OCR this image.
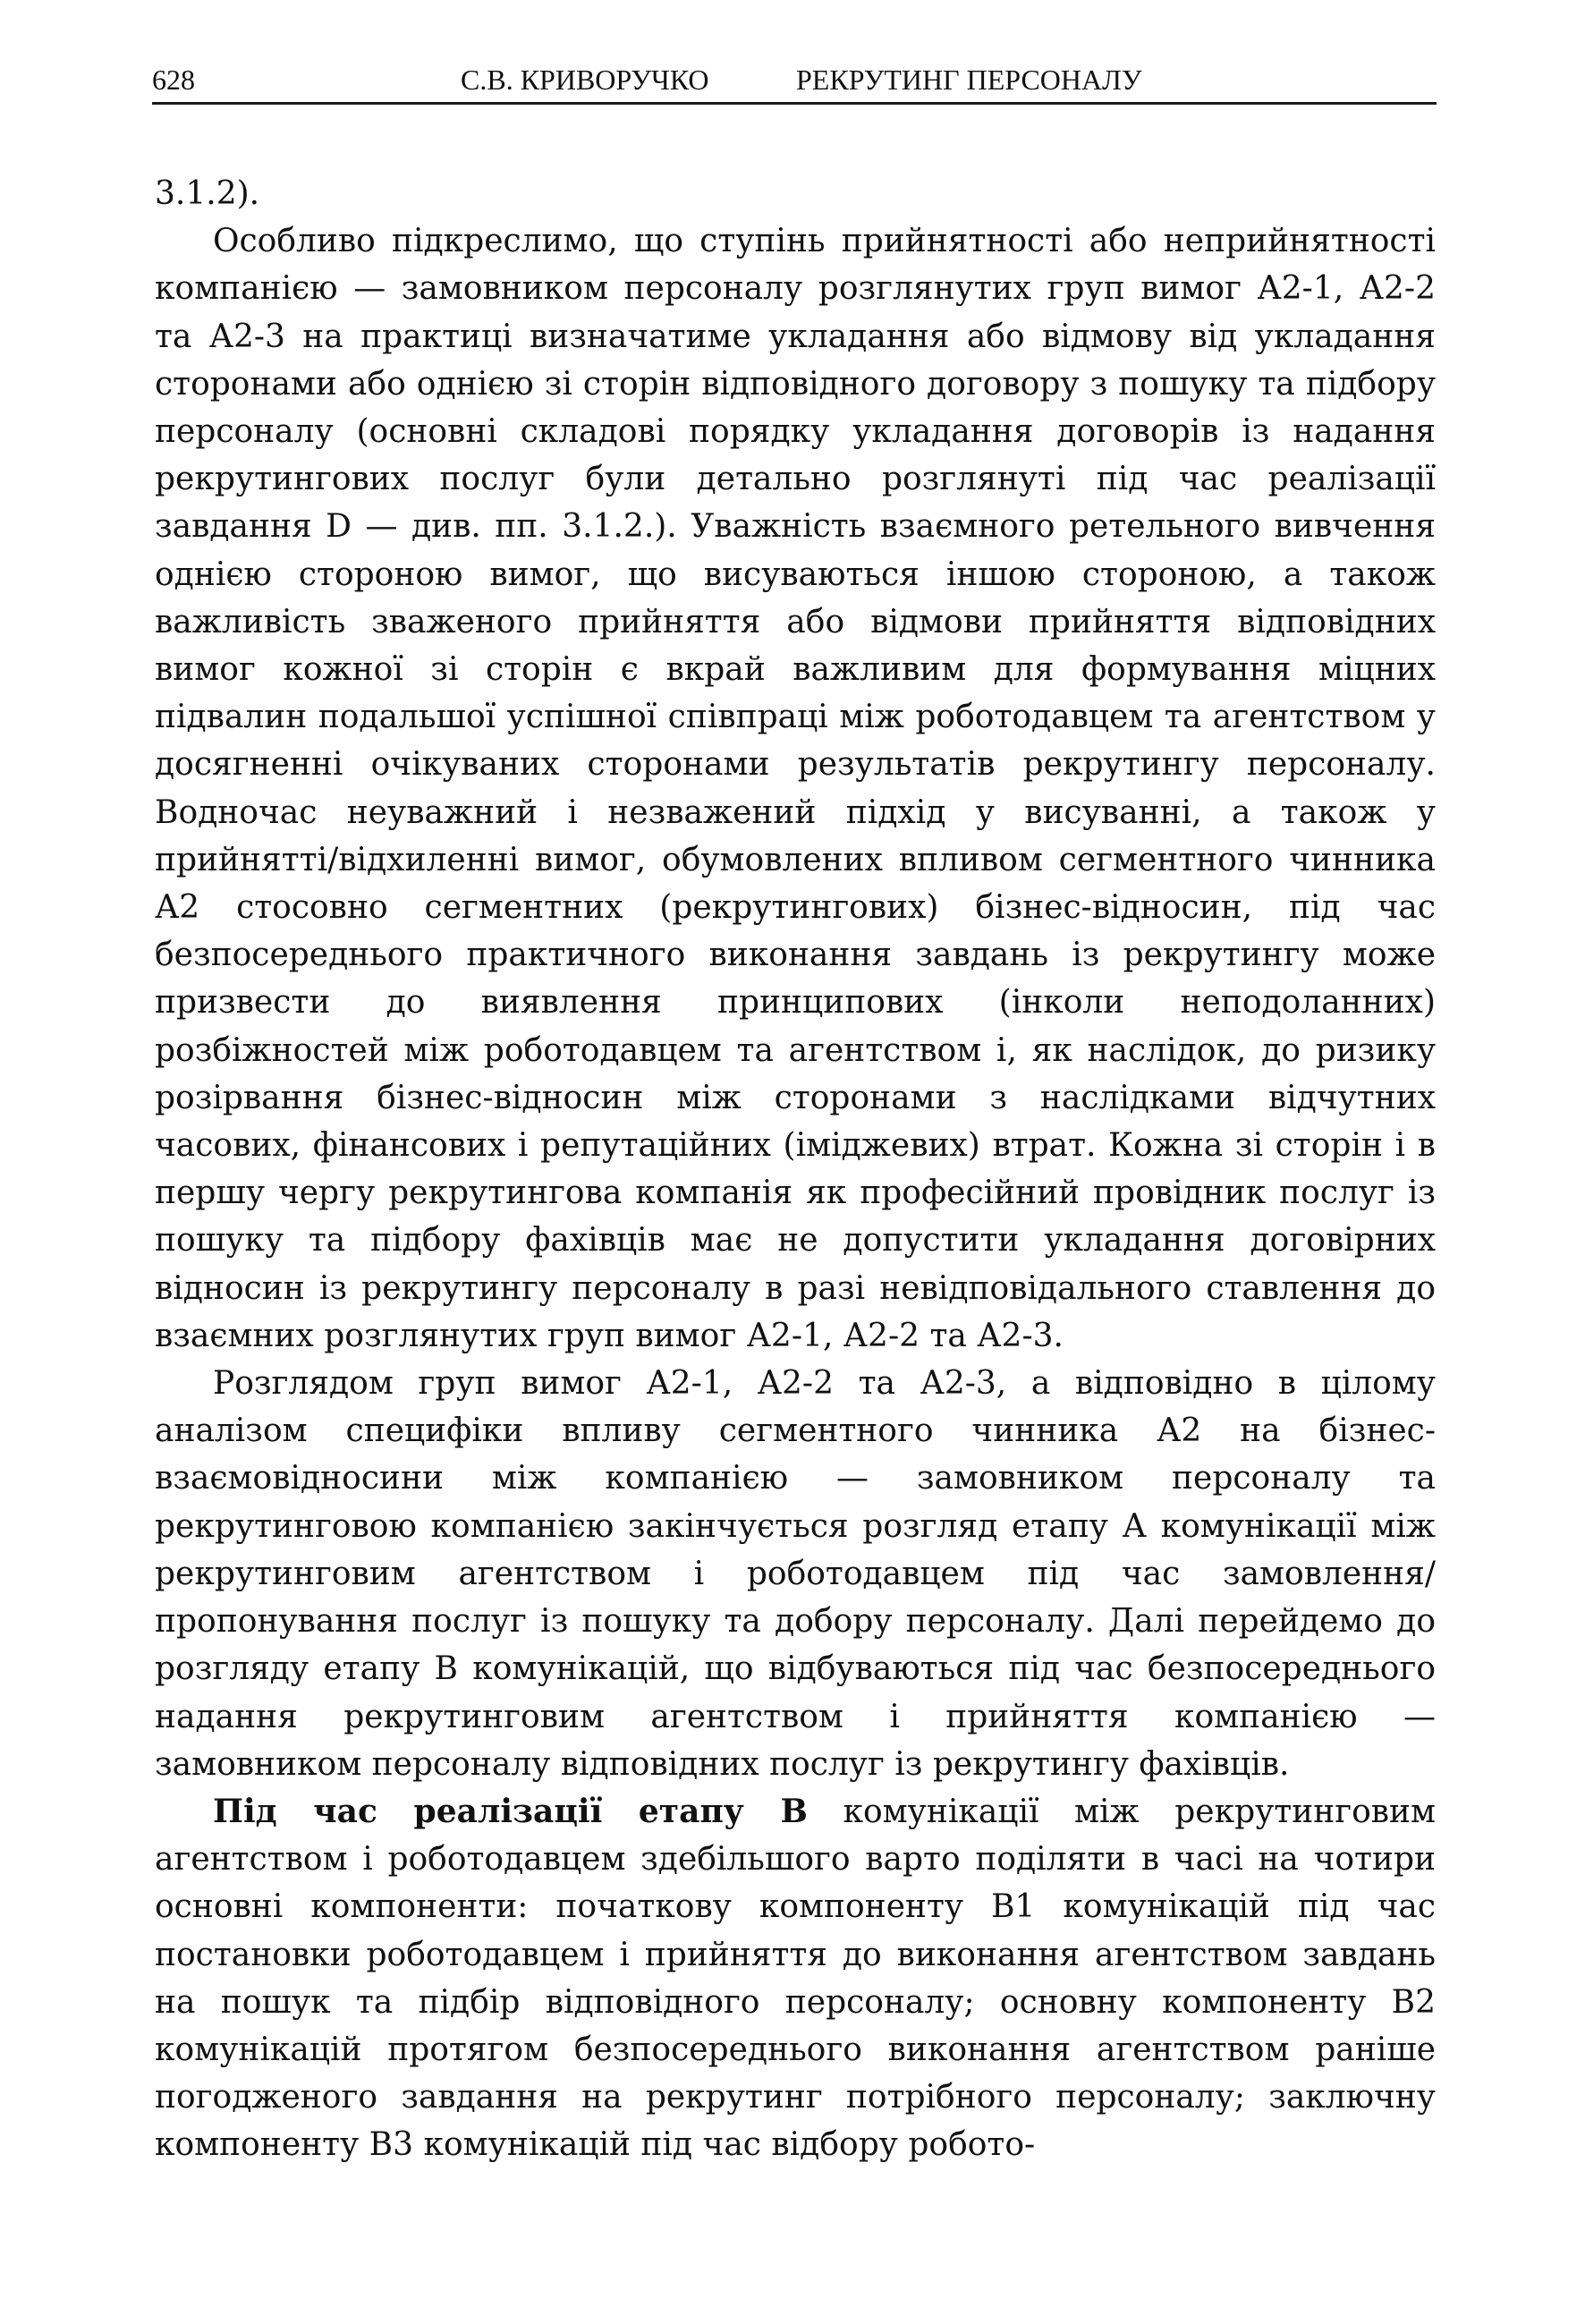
628	С.В. КРИВОРУЧКО	РЕКРУТИНГ ПЕРСОНАЛУ

3.1.2).

Особливо підкреслимо, що ступінь прийнятності або неприйнятності компанією — замовником персоналу розглянутих груп вимог А2-1, А2-2 та А2-3 на практиці визначатиме укладання або відмову від укладання сторонами або однією зі сторін відповідного договору з пошуку та підбору персоналу (основні складові порядку укладання договорів із надання рекрутингових послуг були детально розглянуті під час реалізації завдання D — див. пп. 3.1.2.). Уважність взаємного ретельного вивчення однією стороною вимог, що висуваються іншою стороною, а також важливість зваженого прийняття або відмови прийняття відповідних вимог кожної зі сторін є вкрай важливим для формування міцних підвалин подальшої успішної співпраці між роботодавцем та агентством у досягненні очікуваних сторонами результатів рекрутингу персоналу. Водночас неуважний і незважений підхід у висуванні, а також у прийнятті/відхиленні вимог, обумовлених впливом сегментного чинника А2 стосовно сегментних (рекрутингових) бізнес-відносин, під час безпосереднього практичного виконання завдань із рекрутингу може призвести до виявлення принципових (інколи неподоланних) розбіжностей між роботодавцем та агентством і, як наслідок, до ризику розірвання бізнес-відносин між сторонами з наслідками відчутних часових, фінансових і репутаційних (іміджевих) втрат. Кожна зі сторін і в першу чергу рекрутингова компанія як професійний провідник послуг із пошуку та підбору фахівців має не допустити укладання договірних відносин із рекрутингу персоналу в разі невідповідального ставлення до взаємних розглянутих груп вимог А2-1, А2-2 та А2-3.

Розглядом груп вимог А2-1, А2-2 та А2-3, а відповідно в цілому аналізом специфіки впливу сегментного чинника А2 на бізнес-взаємовідносини між компанією — замовником персоналу та рекрутинговою компанією закінчується розгляд етапу А комунікації між рекрутинговим агентством і роботодавцем під час замовлення/пропонування послуг із пошуку та добору персоналу. Далі перейдемо до розгляду етапу В комунікацій, що відбуваються під час безпосереднього надання рекрутинговим агентством і прийняття компанією — замовником персоналу відповідних послуг із рекрутингу фахівців.

Під час реалізації етапу В комунікації між рекрутинговим агентством і роботодавцем здебільшого варто поділяти в часі на чотири основні компоненти: початкову компоненту В1 комунікацій під час постановки роботодавцем і прийняття до виконання агентством завдань на пошук та підбір відповідного персоналу; основну компоненту В2 комунікацій протягом безпосереднього виконання агентством раніше погодженого завдання на рекрутинг потрібного персоналу; заключну компоненту В3 комунікацій під час відбору робото-
